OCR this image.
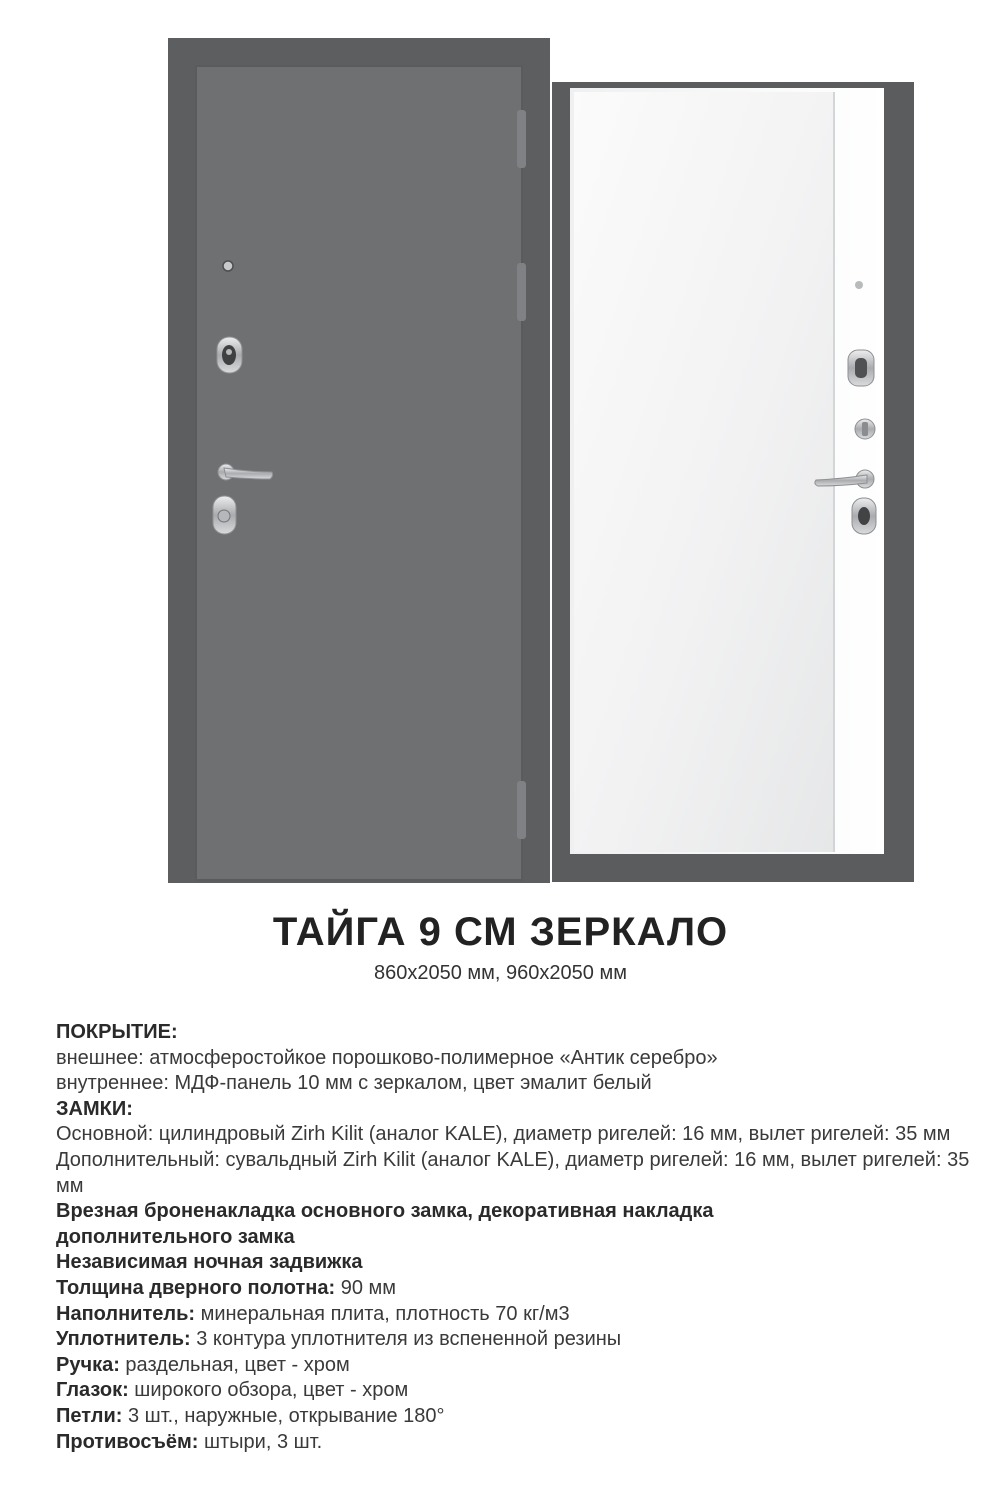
ТАЙГА 9 СМ ЗЕРКАЛО
860х2050 мм, 960х2050 мм

ПОКРЫТИЕ:

внешнее: атмосферостойкое порошково-полимерное «Антик серебро»

внутреннее: МДФ-панель 10 мм с зеркалом, цвет эмалит белый

ЗАМКИ:

Основной: цилиндровый Zirh Kilit (аналог KALE), диаметр ригелей: 16 мм, вылет ригелей: 35 мм

Дополнительный: сувальдный Zirh Kilit (аналог KALE), диаметр ригелей: 16 мм, вылет ригелей: 35 мм

Врезная броненакладка основного замка, декоративная накладка дополнительного замка

Независимая ночная задвижка

Толщина дверного полотна: 90 мм

Наполнитель: минеральная плита, плотность 70 кг/м3

Уплотнитель: 3 контура уплотнителя из вспененной резины

Ручка: раздельная, цвет - хром

Глазок: широкого обзора, цвет - хром

Петли: 3 шт., наружные, открывание 180°

Противосъём: штыри, 3 шт.
